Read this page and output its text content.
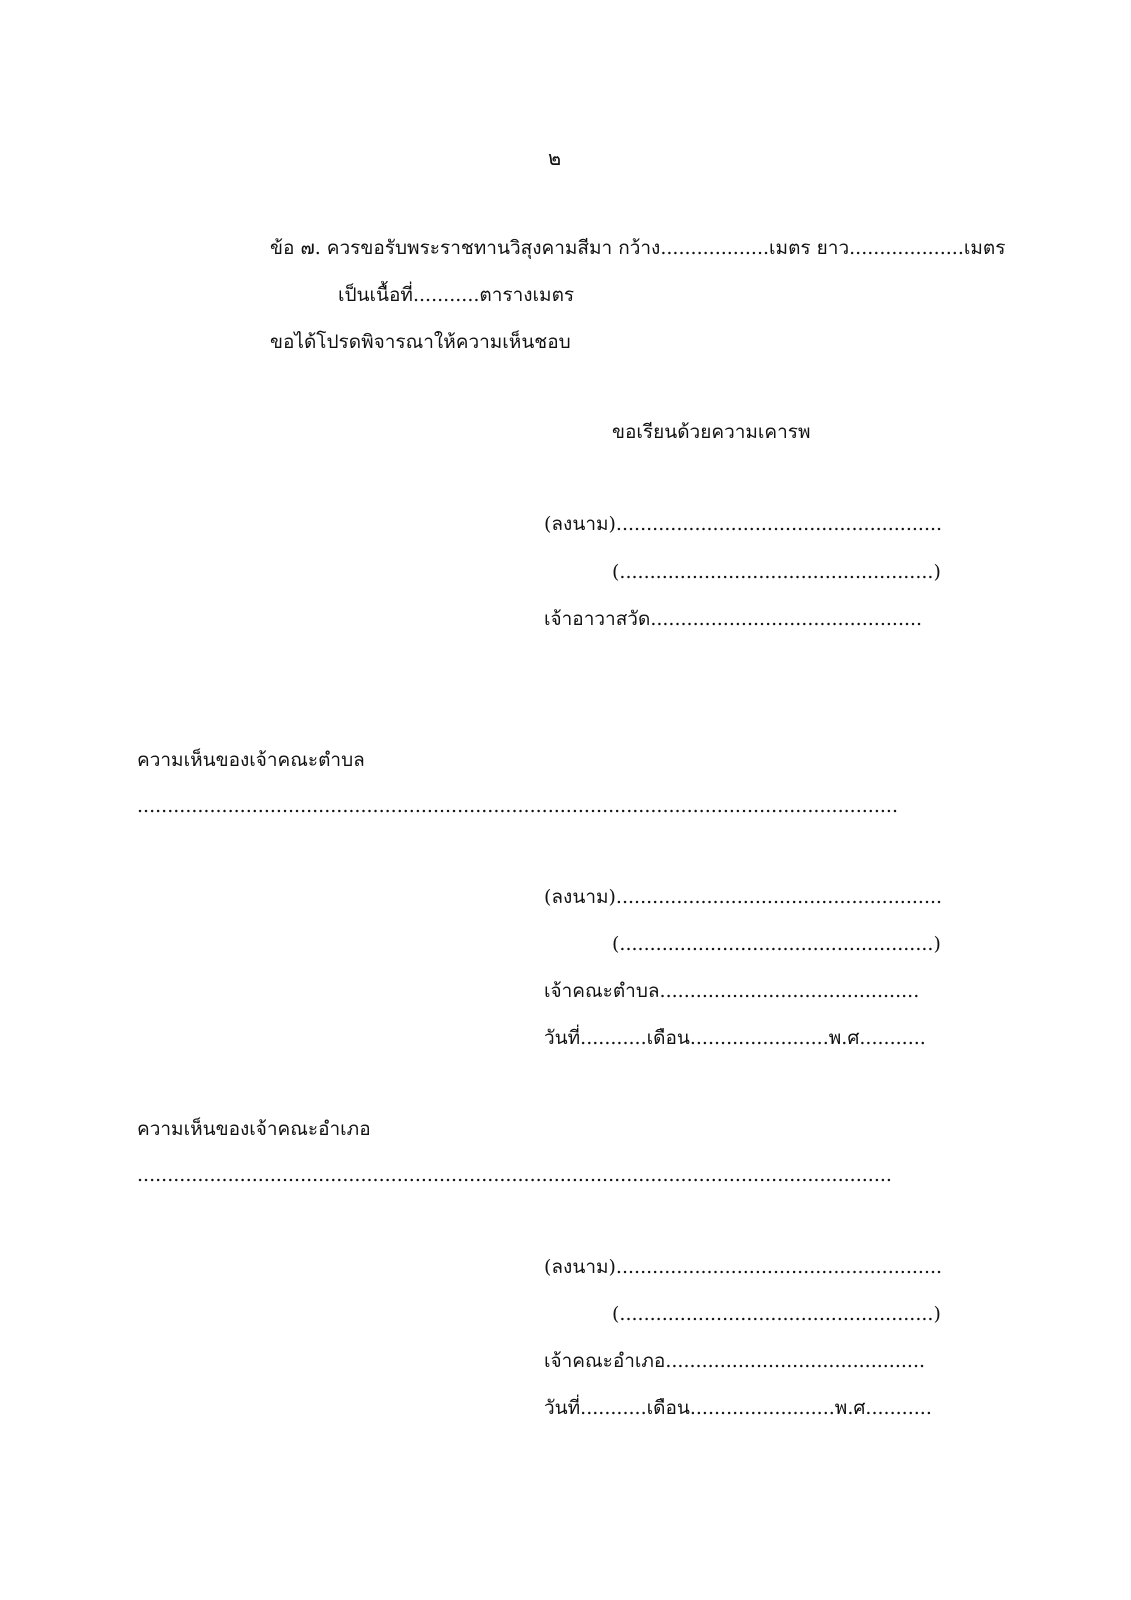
๒
ข้อ ๗. ควรขอรับพระราชทานวิสุงคามสีมา กว้าง..................เมตร ยาว...................เมตร
เป็นเนื้อที่...........ตารางเมตร
ขอได้โปรดพิจารณาให้ความเห็นชอบ
ขอเรียนด้วยความเคารพ
(ลงนาม)......................................................
(....................................................)
เจ้าอาวาสวัด.............................................
ความเห็นของเจ้าคณะตำบล
..............................................................................................................................
(ลงนาม)......................................................
(....................................................)
เจ้าคณะตำบล...........................................
วันที่...........เดือน.......................พ.ศ...........
ความเห็นของเจ้าคณะอำเภอ
.............................................................................................................................
(ลงนาม)......................................................
(....................................................)
เจ้าคณะอำเภอ...........................................
วันที่...........เดือน........................พ.ศ...........
